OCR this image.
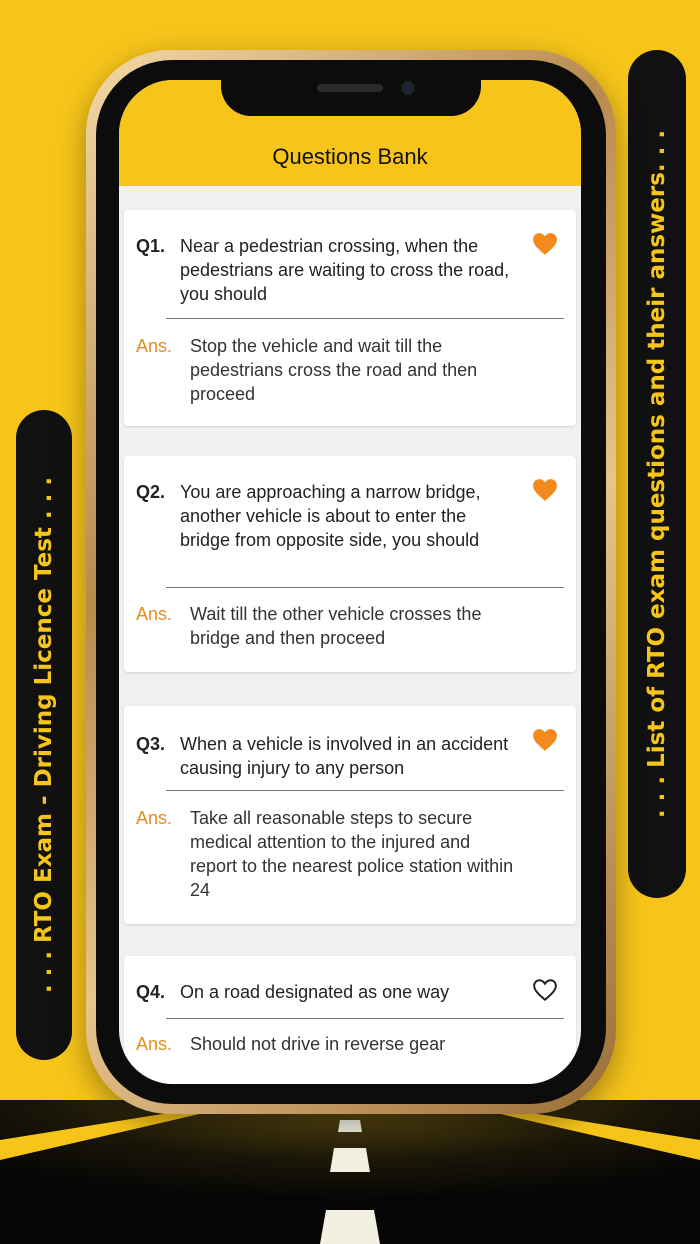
. . . RTO Exam - Driving Licence Test . . .	. . . List of RTO exam questions and their answers. . .
Questions Bank
Q1. Near a pedestrian crossing, when the pedestrians are waiting to cross the road, you should
Ans. Stop the vehicle and wait till the pedestrians cross the road and then proceed
Q2. You are approaching a narrow bridge, another vehicle is about to enter the bridge from opposite side, you should
Ans. Wait till the other vehicle crosses the bridge and then proceed
Q3. When a vehicle is involved in an accident causing injury to any person
Ans. Take all reasonable steps to secure medical attention to the injured and report to the nearest police station within 24
Q4. On a road designated as one way
Ans. Should not drive in reverse gear
